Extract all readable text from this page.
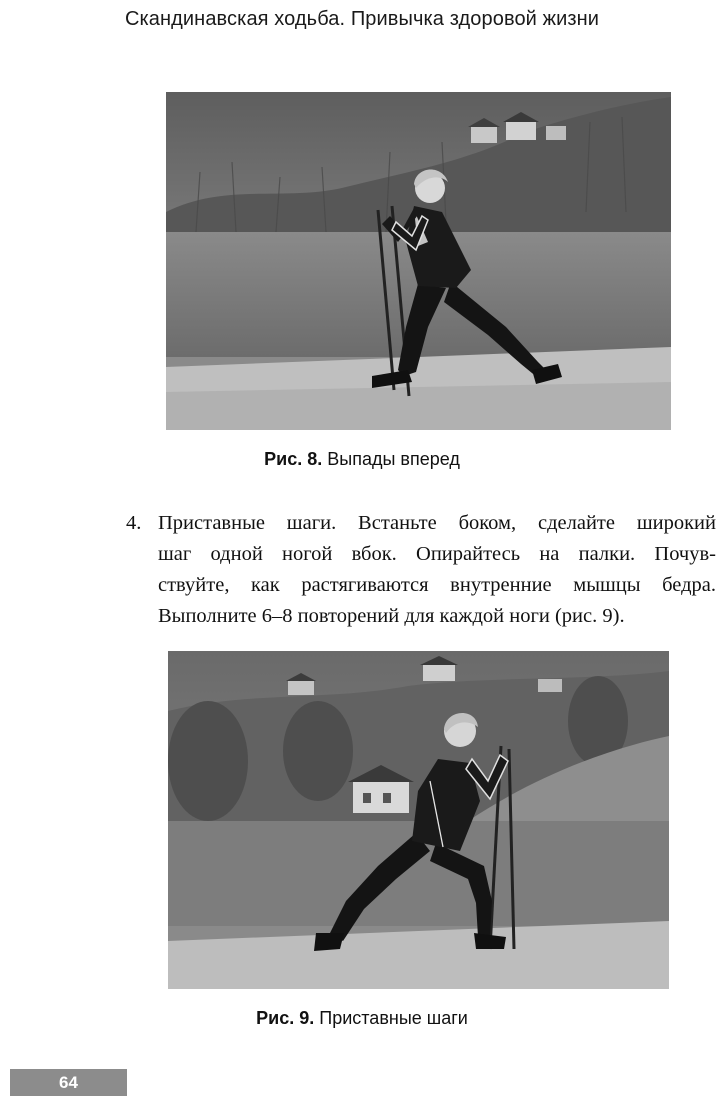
Скандинавская ходьба. Привычка здоровой жизни
Рис. 8. Выпады вперед
4. Приставные шаги. Встаньте боком, сделайте широкий
шаг одной ногой вбок. Опирайтесь на палки. Почув-
ствуйте, как растягиваются внутренние мышцы бедра.
Выполните 6–8 повторений для каждой ноги (рис. 9).
Рис. 9. Приставные шаги
64
